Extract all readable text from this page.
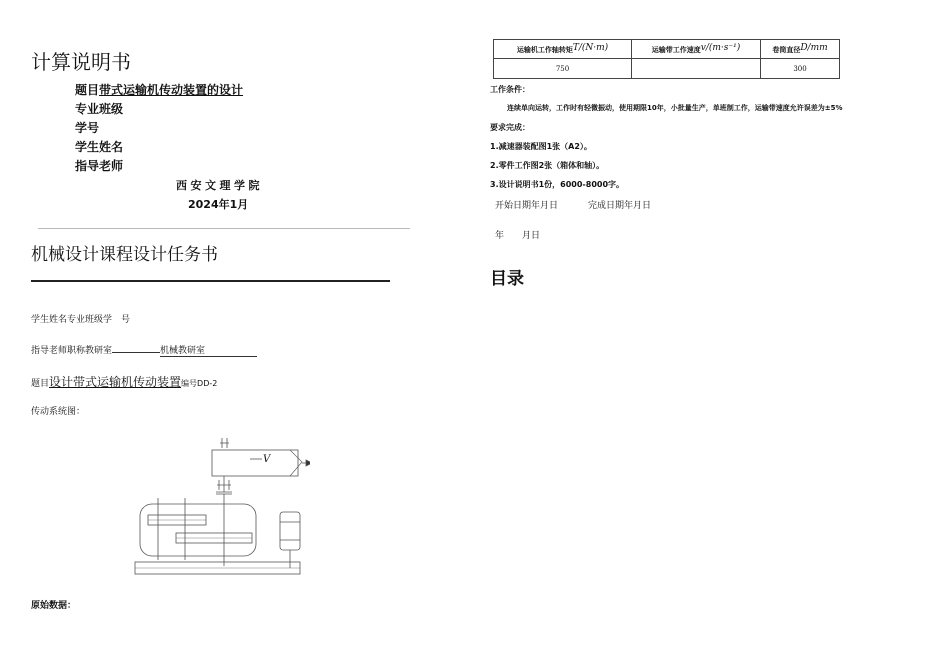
计算说明书
题目带式运输机传动装置的设计
专业班级
学号
学生姓名
指导老师
西安文理学院
2024年1月
机械设计课程设计任务书
学生姓名专业班级学　号
指导老师职称教研室	机械教研室
题目设计带式运输机传动装置编号DD-2
传动系统图：
V
原始数据：
运输机工作轴转矩T/(N·m)	运输带工作速度v/(m·s⁻¹)	卷筒直径D/mm
750		300
工作条件：
连续单向运转，工作时有轻微振动，使用期限10年，小批量生产，单班制工作，运输带速度允许误差为±5%
要求完成：
1.减速器装配图1张（A2）。
2.零件工作图2张（箱体和轴）。
3.设计说明书1份，6000-8000字。
开始日期年月日	完成日期年月日
年 月日
目录
